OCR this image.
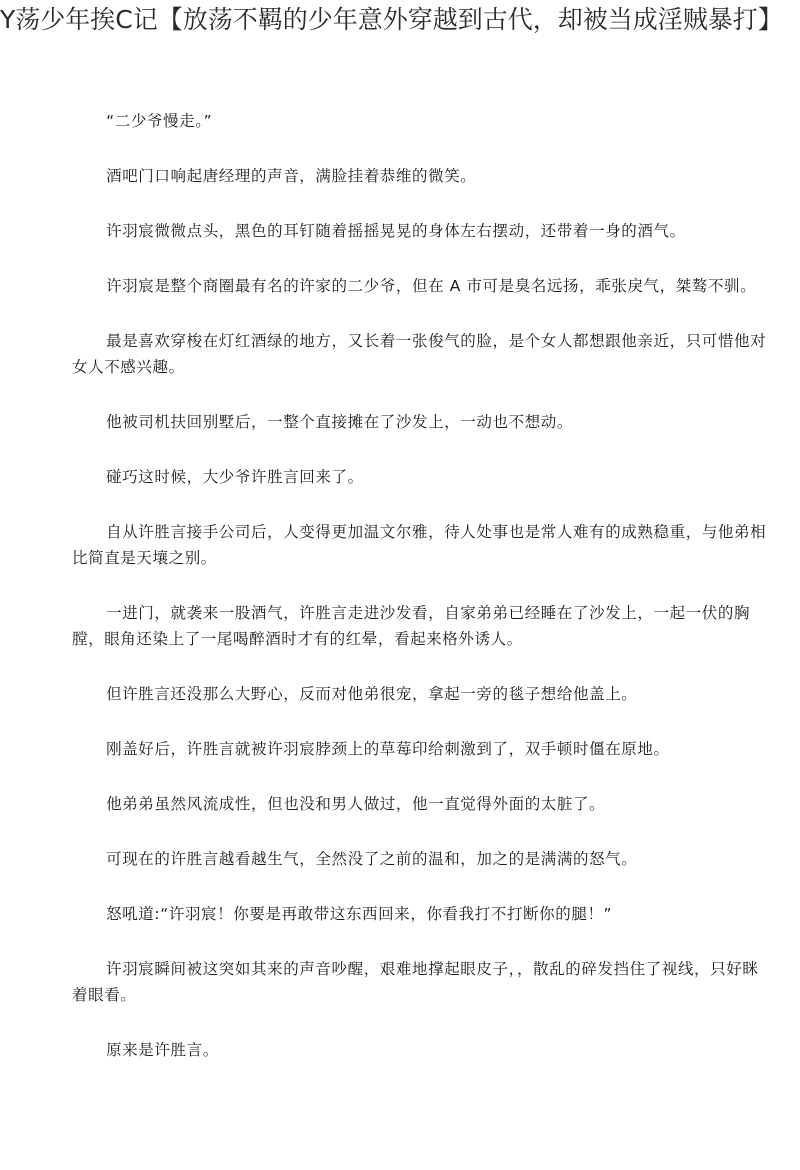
Y荡少年挨C记【放荡不羁的少年意外穿越到古代，却被当成淫贼暴打】

“二少爷慢走。”

酒吧门口响起唐经理的声音，满脸挂着恭维的微笑。

许羽宸微微点头，黑色的耳钉随着摇摇晃晃的身体左右摆动，还带着一身的酒气。

许羽宸是整个商圈最有名的许家的二少爷，但在 A 市可是臭名远扬，乖张戾气，桀骜不驯。

最是喜欢穿梭在灯红酒绿的地方，又长着一张俊气的脸，是个女人都想跟他亲近，只可惜他对女人不感兴趣。

他被司机扶回别墅后，一整个直接摊在了沙发上，一动也不想动。

碰巧这时候，大少爷许胜言回来了。

自从许胜言接手公司后，人变得更加温文尔雅，待人处事也是常人难有的成熟稳重，与他弟相比简直是天壤之别。

一进门，就袭来一股酒气，许胜言走进沙发看，自家弟弟已经睡在了沙发上，一起一伏的胸膛，眼角还染上了一尾喝醉酒时才有的红晕，看起来格外诱人。

但许胜言还没那么大野心，反而对他弟很宠，拿起一旁的毯子想给他盖上。

刚盖好后，许胜言就被许羽宸脖颈上的草莓印给刺激到了，双手顿时僵在原地。

他弟弟虽然风流成性，但也没和男人做过，他一直觉得外面的太脏了。

可现在的许胜言越看越生气，全然没了之前的温和，加之的是满满的怒气。

怒吼道:“许羽宸！你要是再敢带这东西回来，你看我打不打断你的腿！”

许羽宸瞬间被这突如其来的声音吵醒，艰难地撑起眼皮子，，散乱的碎发挡住了视线，只好眯着眼看。

原来是许胜言。
